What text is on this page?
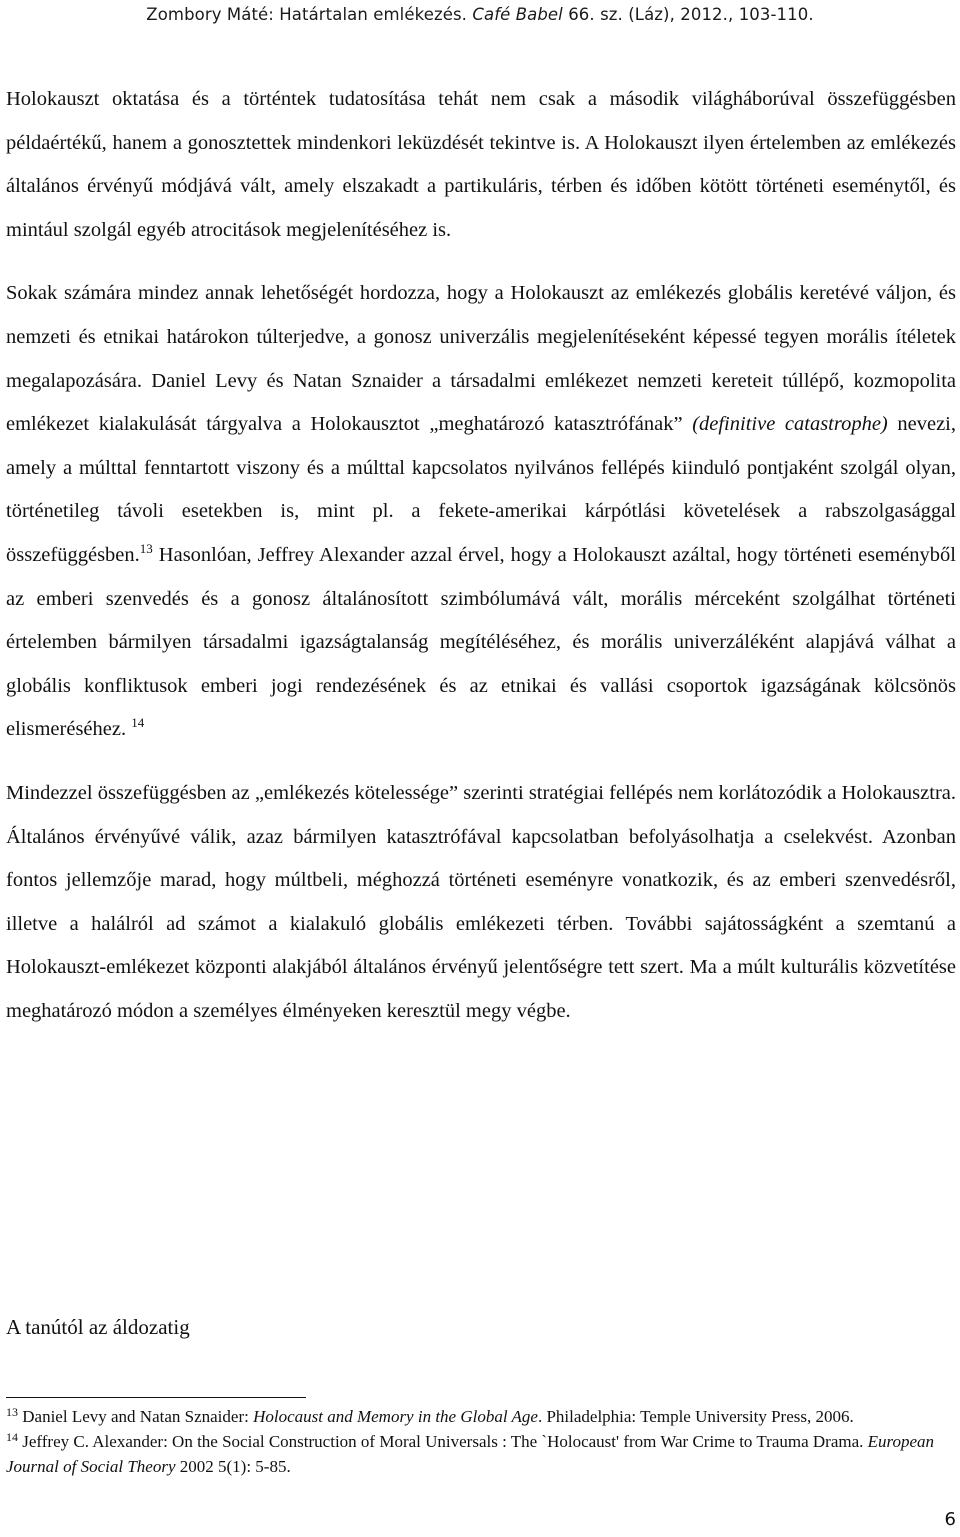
Zombory Máté: Határtalan emlékezés. Café Babel 66. sz. (Láz), 2012., 103-110.

Holokauszt oktatása és a történtek tudatosítása tehát nem csak a második világháborúval összefüggésben példaértékű, hanem a gonosztettek mindenkori leküzdését tekintve is. A Holokauszt ilyen értelemben az emlékezés általános érvényű módjává vált, amely elszakadt a partikuláris, térben és időben kötött történeti eseménytől, és mintául szolgál egyéb atrocitások megjelenítéséhez is.

Sokak számára mindez annak lehetőségét hordozza, hogy a Holokauszt az emlékezés globális keretévé váljon, és nemzeti és etnikai határokon túlterjedve, a gonosz univerzális megjelenítéseként képessé tegyen morális ítéletek megalapozására. Daniel Levy és Natan Sznaider a társadalmi emlékezet nemzeti kereteit túllépő, kozmopolita emlékezet kialakulását tárgyalva a Holokausztot „meghatározó katasztrófának” (definitive catastrophe) nevezi, amely a múlttal fenntartott viszony és a múlttal kapcsolatos nyilvános fellépés kiinduló pontjaként szolgál olyan, történetileg távoli esetekben is, mint pl. a fekete-amerikai kárpótlási követelések a rabszolgasággal összefüggésben.$^{13}$ Hasonlóan, Jeffrey Alexander azzal érvel, hogy a Holokauszt azáltal, hogy történeti eseményből az emberi szenvedés és a gonosz általánosított szimbólumává vált, morális mérceként szolgálhat történeti értelemben bármilyen társadalmi igazságtalanság megítéléséhez, és morális univerzáléként alapjává válhat a globális konfliktusok emberi jogi rendezésének és az etnikai és vallási csoportok igazságának kölcsönös elismeréséhez. $^{14}$

Mindezzel összefüggésben az „emlékezés kötelessége” szerinti stratégiai fellépés nem korlátozódik a Holokausztra. Általános érvényűvé válik, azaz bármilyen katasztrófával kapcsolatban befolyásolhatja a cselekvést. Azonban fontos jellemzője marad, hogy múltbeli, méghozzá történeti eseményre vonatkozik, és az emberi szenvedésről, illetve a halálról ad számot a kialakuló globális emlékezeti térben. További sajátosságként a szemtanú a Holokauszt-emlékezet központi alakjából általános érvényű jelentőségre tett szert. Ma a múlt kulturális közvetítése meghatározó módon a személyes élményeken keresztül megy végbe.

A tanútól az áldozatig

$^{13}$ Daniel Levy and Natan Sznaider: Holocaust and Memory in the Global Age. Philadelphia: Temple University Press, 2006.

$^{14}$ Jeffrey C. Alexander: On the Social Construction of Moral Universals : The `Holocaust' from War Crime to Trauma Drama. European Journal of Social Theory 2002 5(1): 5-85.

6
